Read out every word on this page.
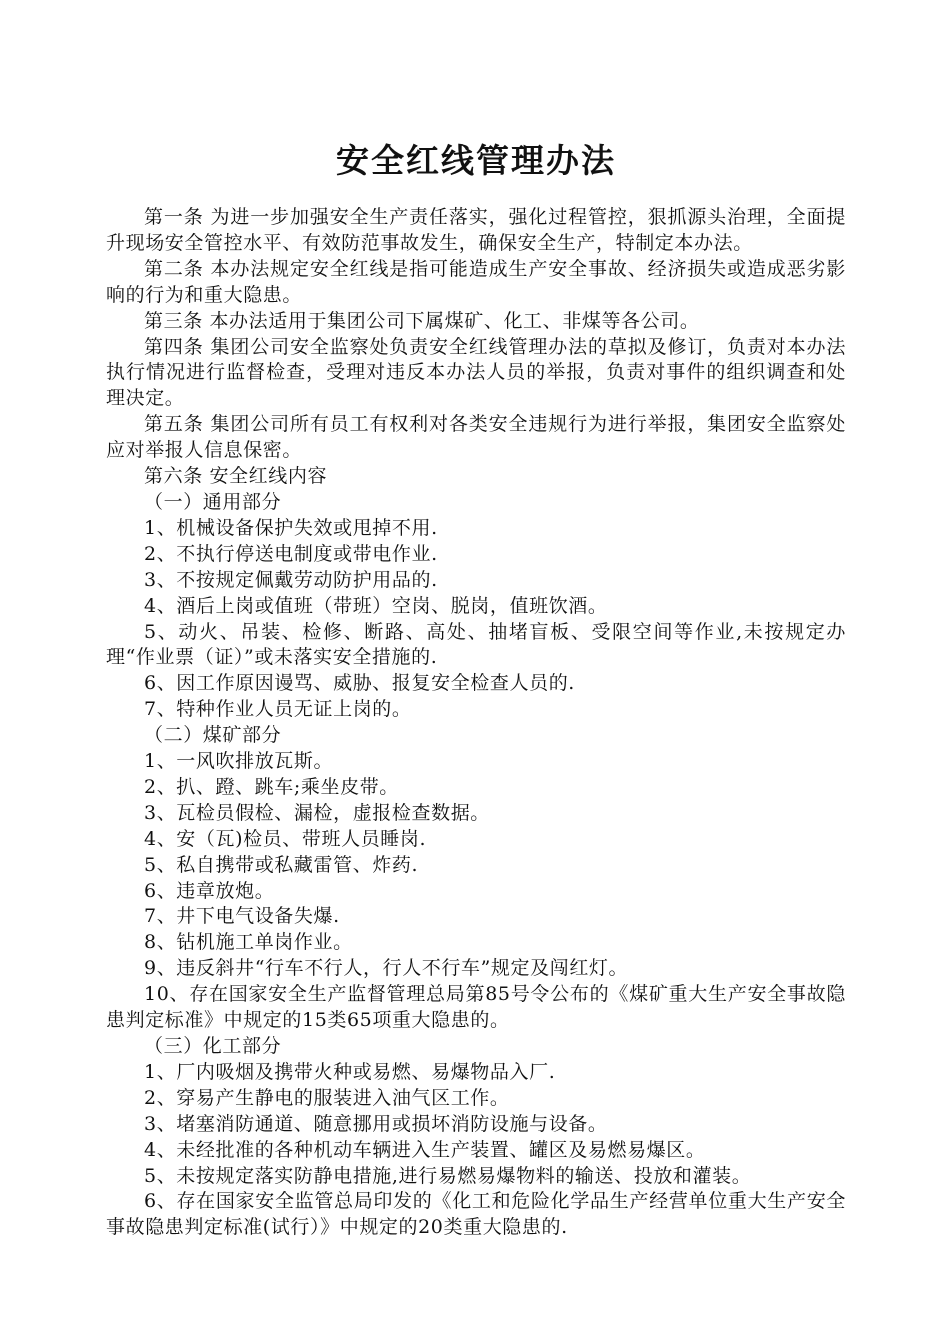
安全红线管理办法

第一条 为进一步加强安全生产责任落实，强化过程管控，狠抓源头治理，全面提升现场安全管控水平、有效防范事故发生，确保安全生产，特制定本办法。

第二条 本办法规定安全红线是指可能造成生产安全事故、经济损失或造成恶劣影响的行为和重大隐患。

第三条 本办法适用于集团公司下属煤矿、化工、非煤等各公司。

第四条 集团公司安全监察处负责安全红线管理办法的草拟及修订，负责对本办法执行情况进行监督检查，受理对违反本办法人员的举报，负责对事件的组织调查和处理决定。

第五条 集团公司所有员工有权利对各类安全违规行为进行举报，集团安全监察处应对举报人信息保密。

第六条 安全红线内容

（一）通用部分

1、机械设备保护失效或甩掉不用.

2、不执行停送电制度或带电作业.

3、不按规定佩戴劳动防护用品的.

4、酒后上岗或值班（带班）空岗、脱岗，值班饮酒。

5、动火、吊装、检修、断路、高处、抽堵盲板、受限空间等作业,未按规定办理“作业票（证）”或未落实安全措施的.

6、因工作原因谩骂、威胁、报复安全检查人员的.

7、特种作业人员无证上岗的。

（二）煤矿部分

1、一风吹排放瓦斯。

2、扒、蹬、跳车;乘坐皮带。

3、瓦检员假检、漏检，虚报检查数据。

4、安（瓦)检员、带班人员睡岗.

5、私自携带或私藏雷管、炸药.

6、违章放炮。

7、井下电气设备失爆.

8、钻机施工单岗作业。

9、违反斜井“行车不行人，行人不行车”规定及闯红灯。

10、存在国家安全生产监督管理总局第85号令公布的《煤矿重大生产安全事故隐患判定标准》中规定的15类65项重大隐患的。

（三）化工部分

1、厂内吸烟及携带火种或易燃、易爆物品入厂.

2、穿易产生静电的服装进入油气区工作。

3、堵塞消防通道、随意挪用或损坏消防设施与设备。

4、未经批准的各种机动车辆进入生产装置、罐区及易燃易爆区。

5、未按规定落实防静电措施,进行易燃易爆物料的输送、投放和灌装。

6、存在国家安全监管总局印发的《化工和危险化学品生产经营单位重大生产安全事故隐患判定标准(试行）》中规定的20类重大隐患的.
